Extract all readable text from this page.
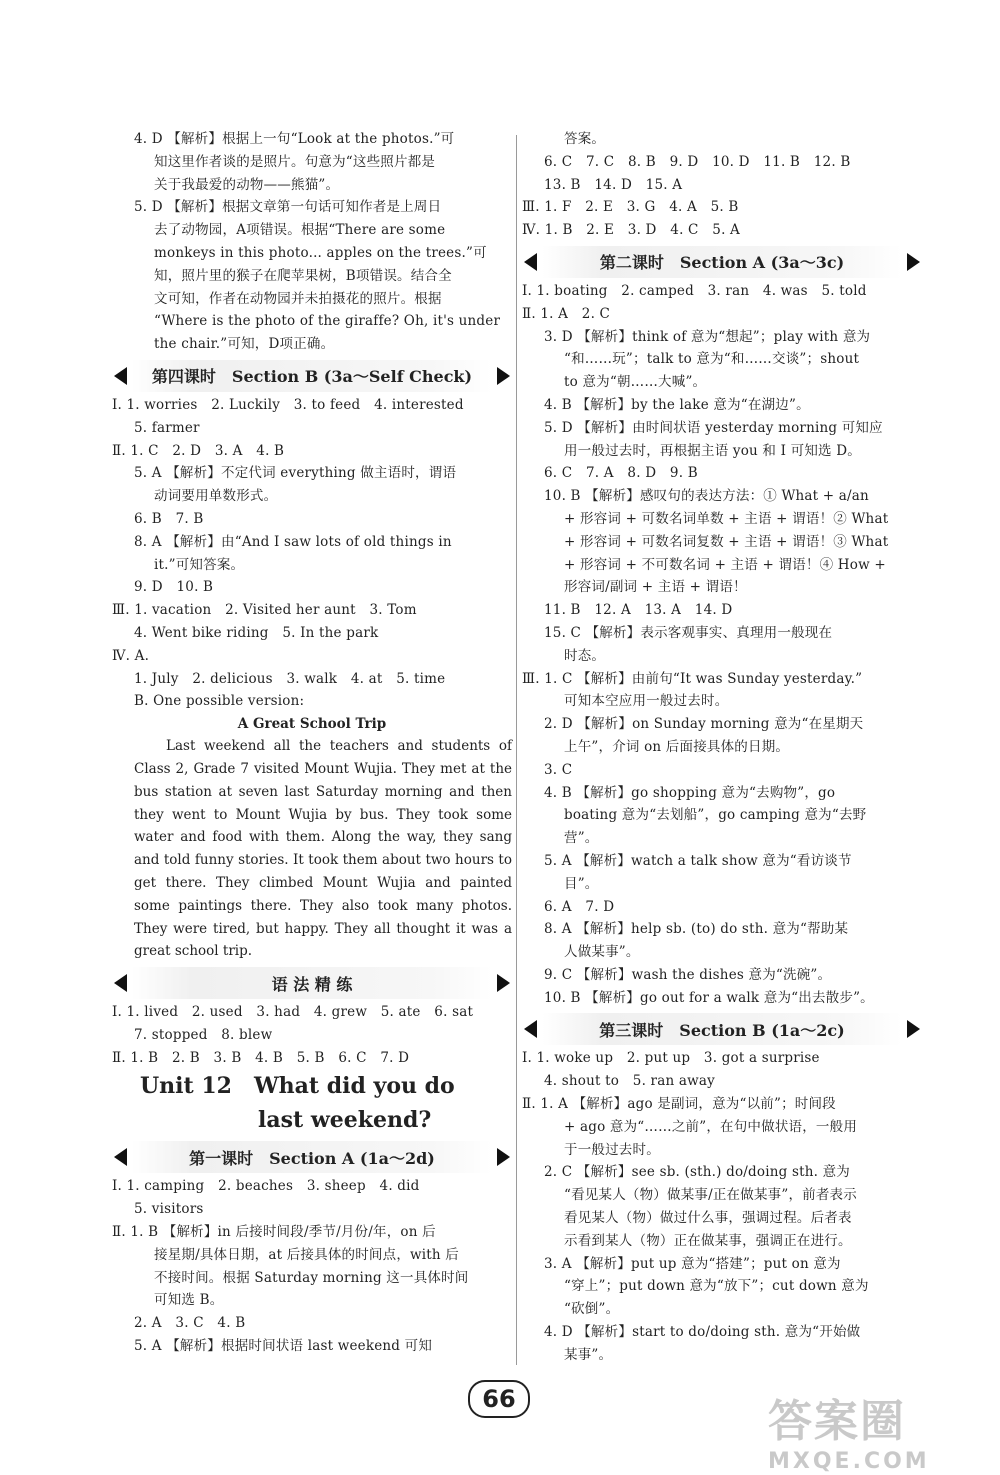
4. D 【解析】根据上一句“Look at the photos.”可
知这里作者谈的是照片。句意为“这些照片都是
关于我最爱的动物——熊猫”。
5. D 【解析】根据文章第一句话可知作者是上周日
去了动物园，A项错误。根据“There are some
monkeys in this photo... apples on the trees.”可
知，照片里的猴子在爬苹果树，B项错误。结合全
文可知，作者在动物园并未拍摄花的照片。根据
“Where is the photo of the giraffe? Oh, it's under
the chair.”可知，D项正确。
第四课时　Section B (3a～Self Check)
Ⅰ. 1. worries　2. Luckily　3. to feed　4. interested
5. farmer
Ⅱ. 1. C　2. D　3. A　4. B
5. A 【解析】不定代词 everything 做主语时，谓语
动词要用单数形式。
6. B　7. B
8. A 【解析】由“And I saw lots of old things in
it.”可知答案。
9. D　10. B
Ⅲ. 1. vacation　2. Visited her aunt　3. Tom
4. Went bike riding　5. In the park
Ⅳ. A.
1. July　2. delicious　3. walk　4. at　5. time
B. One possible version:
A Great School Trip

Last weekend all the teachers and students of Class 2, Grade 7 visited Mount Wujia. They met at the bus station at seven last Saturday morning and then they went to Mount Wujia by bus. They took some water and food with them. Along the way, they sang and told funny stories. It took them about two hours to get there. They climbed Mount Wujia and painted some paintings there. They also took many photos. They were tired, but happy. They all thought it was a great school trip.

语 法 精 练
Ⅰ. 1. lived　2. used　3. had　4. grew　5. ate　6. sat
7. stopped　8. blew
Ⅱ. 1. B　2. B　3. B　4. B　5. B　6. C　7. D
Unit 12　What did you do
last weekend?
第一课时　Section A (1a～2d)
Ⅰ. 1. camping　2. beaches　3. sheep　4. did
5. visitors
Ⅱ. 1. B 【解析】in 后接时间段/季节/月份/年，on 后
接星期/具体日期，at 后接具体的时间点，with 后
不接时间。根据 Saturday morning 这一具体时间
可知选 B。
2. A　3. C　4. B
5. A 【解析】根据时间状语 last weekend 可知
答案。
6. C　7. C　8. B　9. D　10. D　11. B　12. B
13. B　14. D　15. A
Ⅲ. 1. F　2. E　3. G　4. A　5. B
Ⅳ. 1. B　2. E　3. D　4. C　5. A
第二课时　Section A (3a～3c)
Ⅰ. 1. boating　2. camped　3. ran　4. was　5. told
Ⅱ. 1. A　2. C
3. D 【解析】think of 意为“想起”；play with 意为
“和……玩”；talk to 意为“和……交谈”；shout
to 意为“朝……大喊”。
4. B 【解析】by the lake 意为“在湖边”。
5. D 【解析】由时间状语 yesterday morning 可知应
用一般过去时，再根据主语 you 和 I 可知选 D。
6. C　7. A　8. D　9. B
10. B 【解析】感叹句的表达方法：① What + a/an
+ 形容词 + 可数名词单数 + 主语 + 谓语！② What
+ 形容词 + 可数名词复数 + 主语 + 谓语！③ What
+ 形容词 + 不可数名词 + 主语 + 谓语！④ How +
形容词/副词 + 主语 + 谓语！
11. B　12. A　13. A　14. D
15. C 【解析】表示客观事实、真理用一般现在
时态。
Ⅲ. 1. C 【解析】由前句“It was Sunday yesterday.”
可知本空应用一般过去时。
2. D 【解析】on Sunday morning 意为“在星期天
上午”，介词 on 后面接具体的日期。
3. C
4. B 【解析】go shopping 意为“去购物”，go
boating 意为“去划船”，go camping 意为“去野
营”。
5. A 【解析】watch a talk show 意为“看访谈节
目”。
6. A　7. D
8. A 【解析】help sb. (to) do sth. 意为“帮助某
人做某事”。
9. C 【解析】wash the dishes 意为“洗碗”。
10. B 【解析】go out for a walk 意为“出去散步”。
第三课时　Section B (1a～2c)
Ⅰ. 1. woke up　2. put up　3. got a surprise
4. shout to　5. ran away
Ⅱ. 1. A 【解析】ago 是副词，意为“以前”；时间段
+ ago 意为“……之前”，在句中做状语，一般用
于一般过去时。
2. C 【解析】see sb. (sth.) do/doing sth. 意为
“看见某人（物）做某事/正在做某事”，前者表示
看见某人（物）做过什么事，强调过程。后者表
示看到某人（物）正在做某事，强调正在进行。
3. A 【解析】put up 意为“搭建”；put on 意为
“穿上”；put down 意为“放下”；cut down 意为
“砍倒”。
4. D 【解析】start to do/doing sth. 意为“开始做
某事”。
66	答案圈
MXQE.COM
